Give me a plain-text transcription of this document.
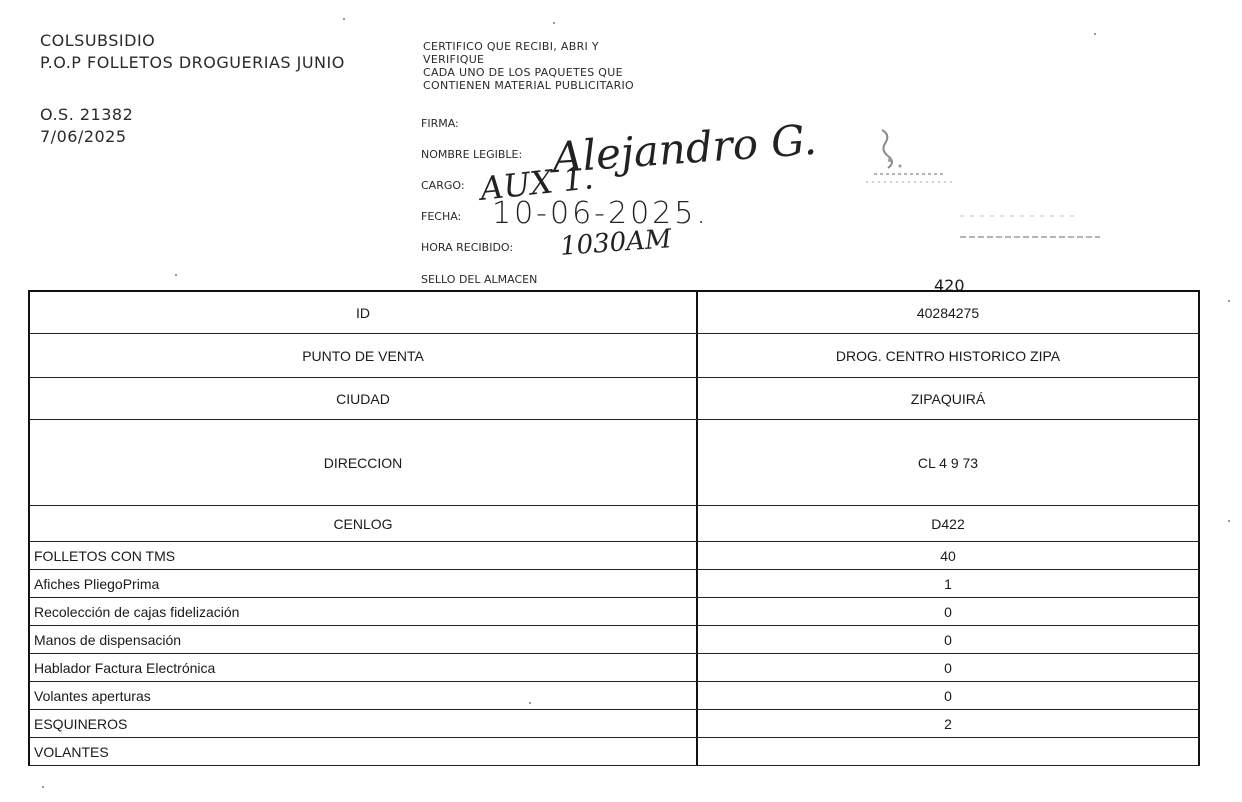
COLSUBSIDIO
P.O.P FOLLETOS DROGUERIAS JUNIO
O.S. 21382
7/06/2025
CERTIFICO QUE RECIBI, ABRI Y
VERIFIQUE
CADA UNO DE LOS PAQUETES QUE
CONTIENEN MATERIAL PUBLICITARIO
FIRMA:
NOMBRE LEGIBLE:
CARGO:
FECHA:
HORA RECIBIDO:
SELLO DEL ALMACEN
Alejandro G.
AUX 1.
10-06-2025.
1030AM
420
ID	40284275
PUNTO DE VENTA	DROG. CENTRO HISTORICO ZIPA
CIUDAD	ZIPAQUIRÁ
DIRECCION	CL 4 9 73
CENLOG	D422
FOLLETOS CON TMS	40
Afiches PliegoPrima	1
Recolección de cajas fidelización	0
Manos de dispensación	0
Hablador Factura Electrónica	0
Volantes aperturas	0
ESQUINEROS	2
VOLANTES
